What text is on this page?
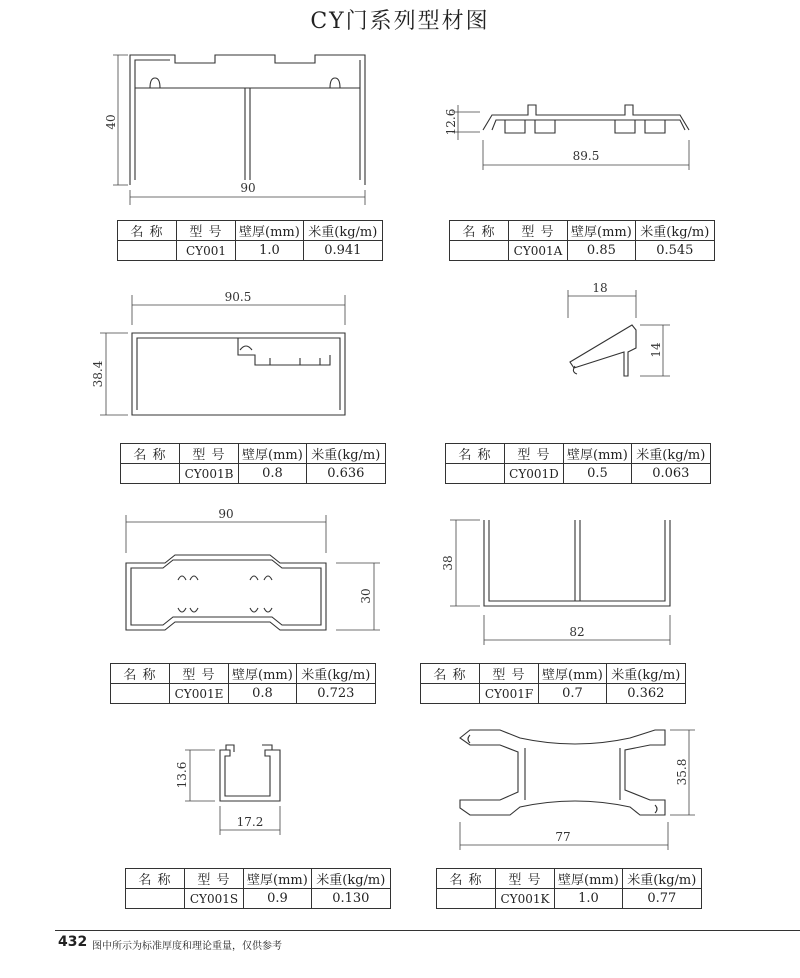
CY门系列型材图
40
90
12.6
89.5
90.5
38.4
18
14
90
30
38
82
13.6
17.2
35.8
77
名 称	型 号	壁厚(mm)	米重(kg/m)
	CY001	1.0	0.941
名 称	型 号	壁厚(mm)	米重(kg/m)
	CY001A	0.85	0.545
名 称	型 号	壁厚(mm)	米重(kg/m)
	CY001B	0.8	0.636
名 称	型 号	壁厚(mm)	米重(kg/m)
	CY001D	0.5	0.063
名 称	型 号	壁厚(mm)	米重(kg/m)
	CY001E	0.8	0.723
名 称	型 号	壁厚(mm)	米重(kg/m)
	CY001F	0.7	0.362
名 称	型 号	壁厚(mm)	米重(kg/m)
	CY001S	0.9	0.130
名 称	型 号	壁厚(mm)	米重(kg/m)
	CY001K	1.0	0.77
432 图中所示为标准厚度和理论重量，仅供参考
